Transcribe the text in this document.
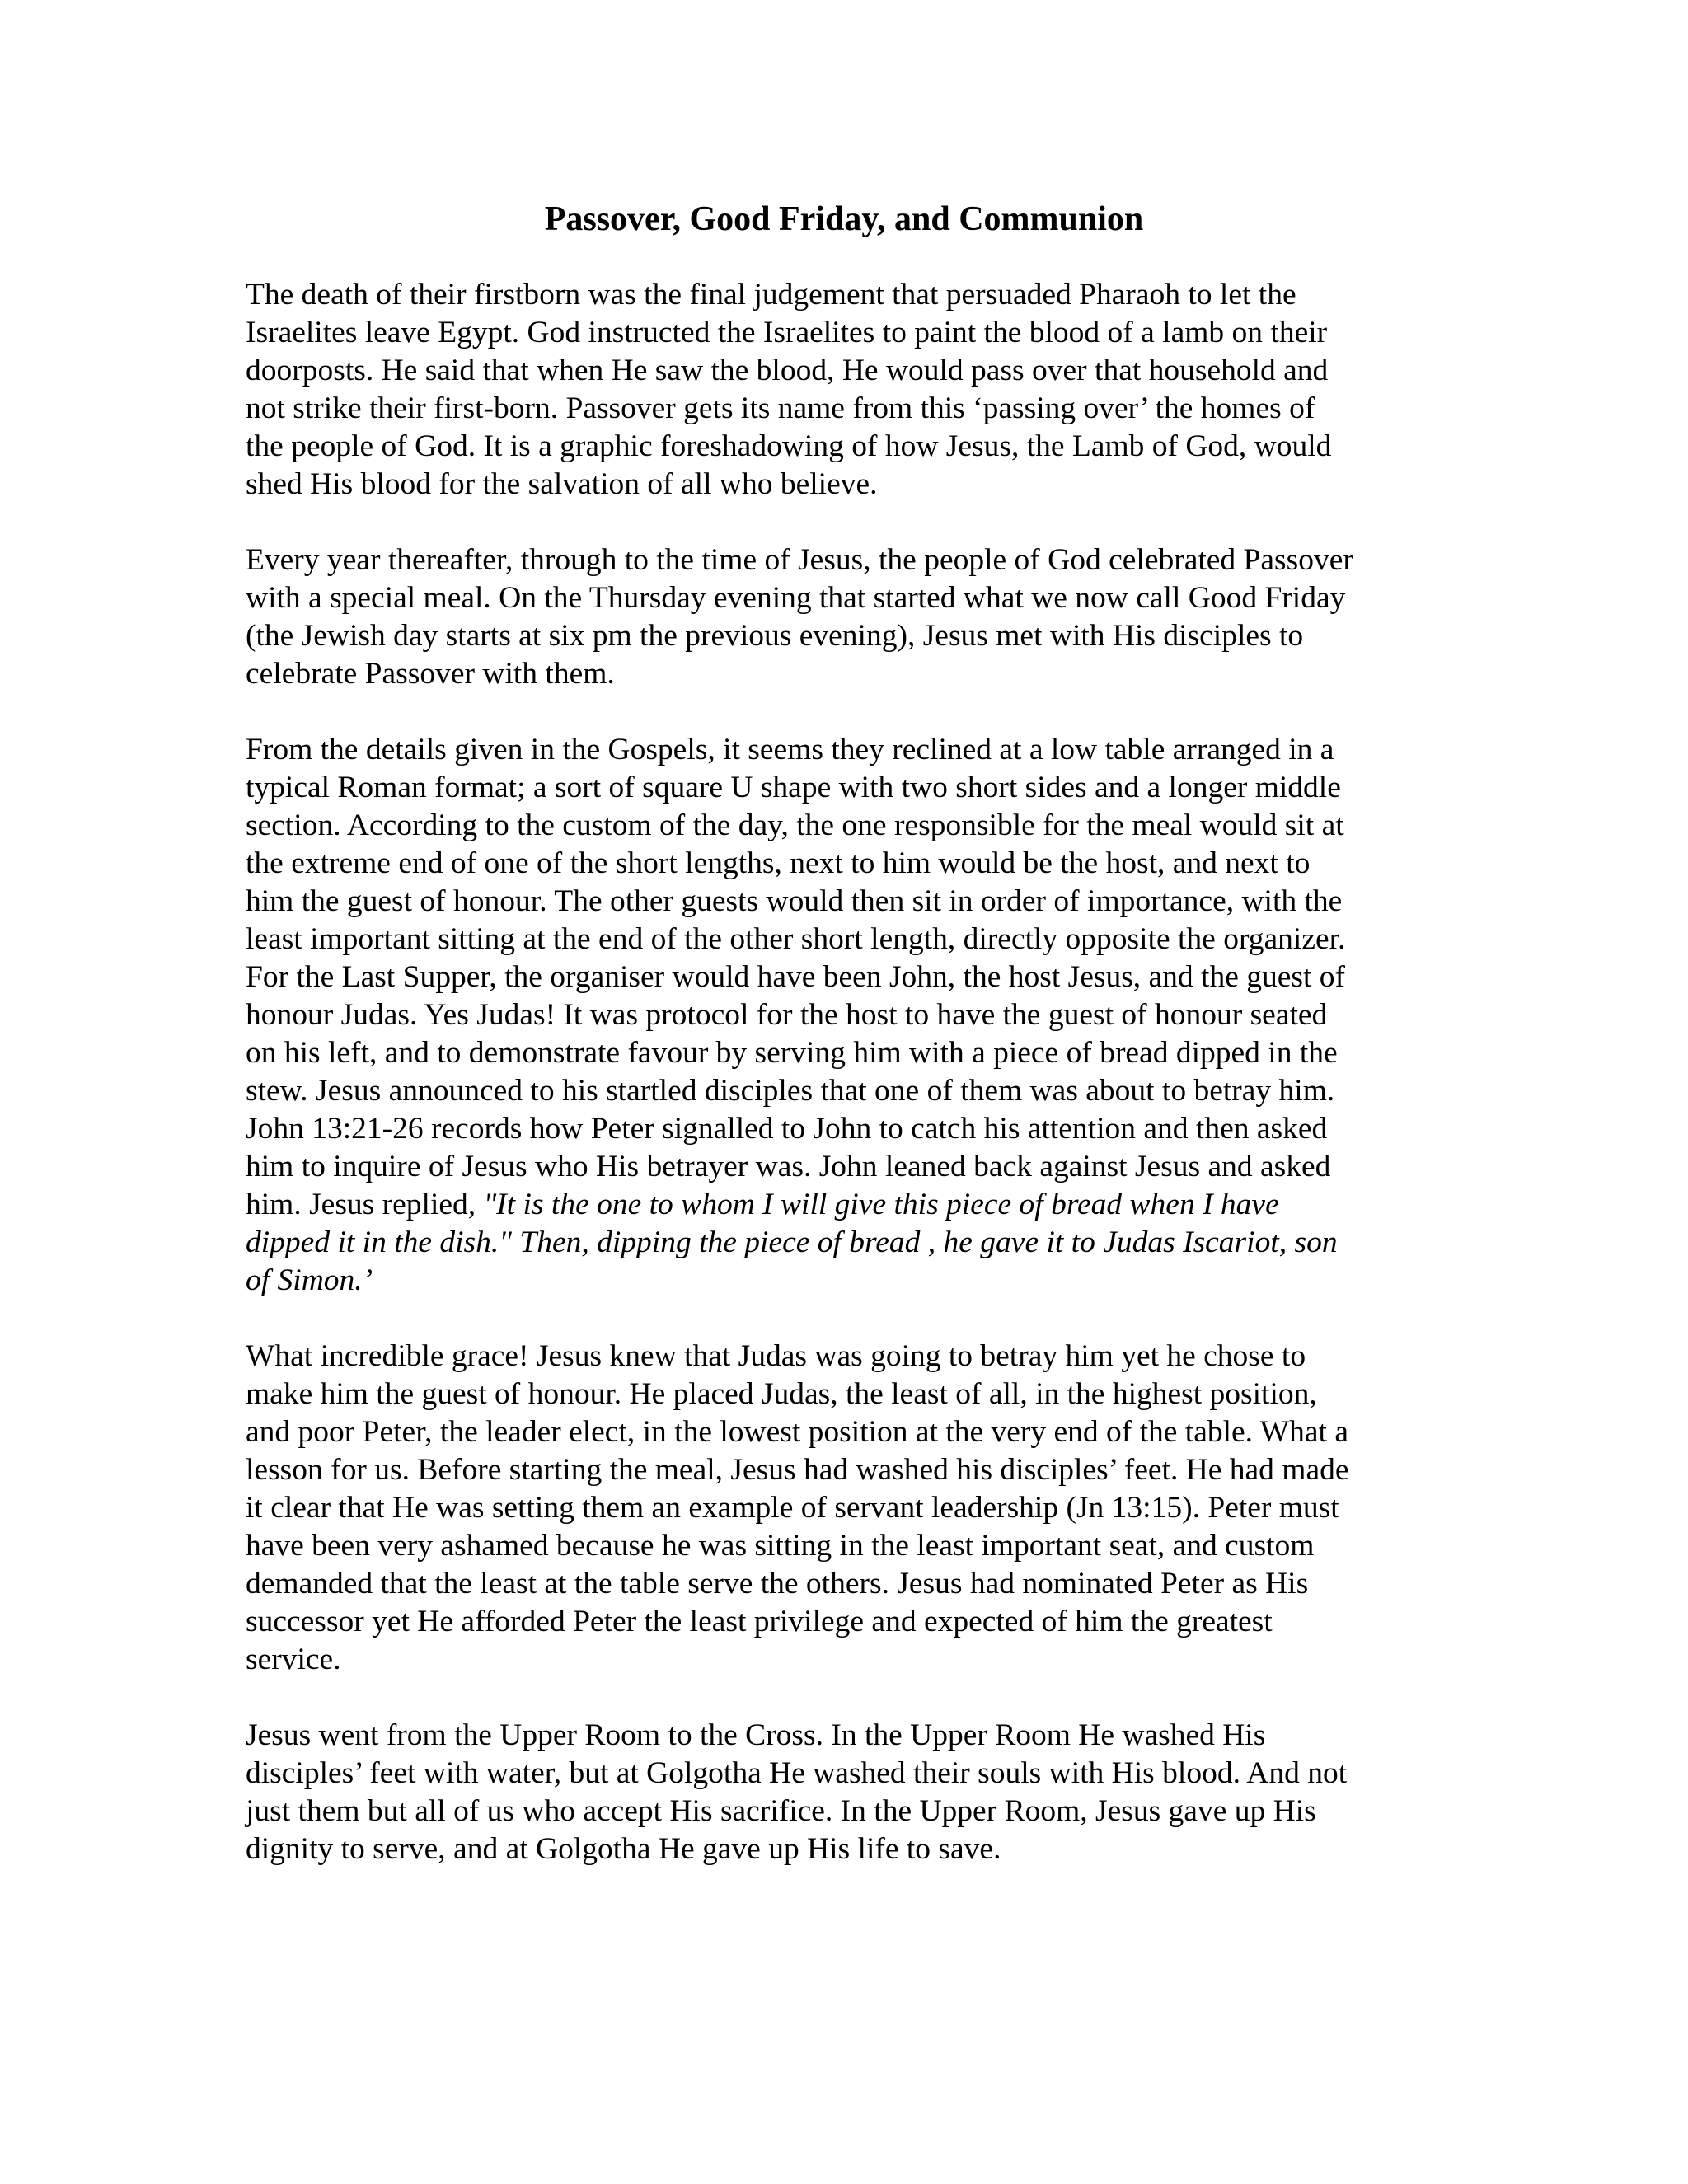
Passover, Good Friday, and Communion

The death of their firstborn was the final judgement that persuaded Pharaoh to let the
Israelites leave Egypt. God instructed the Israelites to paint the blood of a lamb on their
doorposts. He said that when He saw the blood, He would pass over that household and
not strike their first-born. Passover gets its name from this ‘passing over’ the homes of
the people of God. It is a graphic foreshadowing of how Jesus, the Lamb of God, would
shed His blood for the salvation of all who believe.

Every year thereafter, through to the time of Jesus, the people of God celebrated Passover
with a special meal. On the Thursday evening that started what we now call Good Friday
(the Jewish day starts at six pm the previous evening), Jesus met with His disciples to
celebrate Passover with them.

From the details given in the Gospels, it seems they reclined at a low table arranged in a
typical Roman format; a sort of square U shape with two short sides and a longer middle
section. According to the custom of the day, the one responsible for the meal would sit at
the extreme end of one of the short lengths, next to him would be the host, and next to
him the guest of honour. The other guests would then sit in order of importance, with the
least important sitting at the end of the other short length, directly opposite the organizer.
For the Last Supper, the organiser would have been John, the host Jesus, and the guest of
honour Judas. Yes Judas! It was protocol for the host to have the guest of honour seated
on his left, and to demonstrate favour by serving him with a piece of bread dipped in the
stew. Jesus announced to his startled disciples that one of them was about to betray him.
John 13:21-26 records how Peter signalled to John to catch his attention and then asked
him to inquire of Jesus who His betrayer was. John leaned back against Jesus and asked
him. Jesus replied, "It is the one to whom I will give this piece of bread when I have
dipped it in the dish." Then, dipping the piece of bread , he gave it to Judas Iscariot, son
of Simon.’

What incredible grace! Jesus knew that Judas was going to betray him yet he chose to
make him the guest of honour. He placed Judas, the least of all, in the highest position,
and poor Peter, the leader elect, in the lowest position at the very end of the table. What a
lesson for us. Before starting the meal, Jesus had washed his disciples’ feet. He had made
it clear that He was setting them an example of servant leadership (Jn 13:15). Peter must
have been very ashamed because he was sitting in the least important seat, and custom
demanded that the least at the table serve the others. Jesus had nominated Peter as His
successor yet He afforded Peter the least privilege and expected of him the greatest
service.

Jesus went from the Upper Room to the Cross. In the Upper Room He washed His
disciples’ feet with water, but at Golgotha He washed their souls with His blood. And not
just them but all of us who accept His sacrifice. In the Upper Room, Jesus gave up His
dignity to serve, and at Golgotha He gave up His life to save.
